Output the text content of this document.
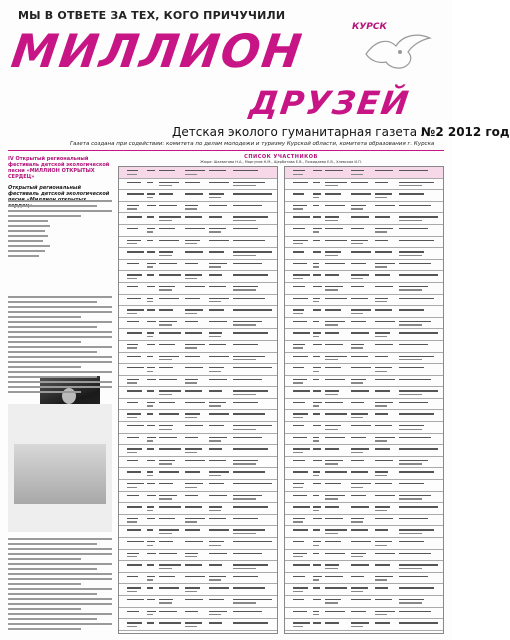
МЫ В ОТВЕТЕ ЗА ТЕХ, КОГО ПРИЧУЧИЛИ
КУРСК
МИЛЛИОН
ДРУЗЕЙ
Детская эколого гуманитарная газета №2 2012 год
Газета создана при содействии: комитета по делам молодежи и туризму Курской области, комитета образования г. Курска
IV Открытый региональный фестиваль детской экологической песни «МИЛЛИОН ОТКРЫТЫХ СЕРДЕЦ»
Открытый региональный фестиваль детской экологической
СПИСОК УЧАСТНИКОВ
Жюри: Шахватова Н.А., Маргунов Н.М., Щербатова Е.В., Пожидаева Е.В., Хлевская И.П.
